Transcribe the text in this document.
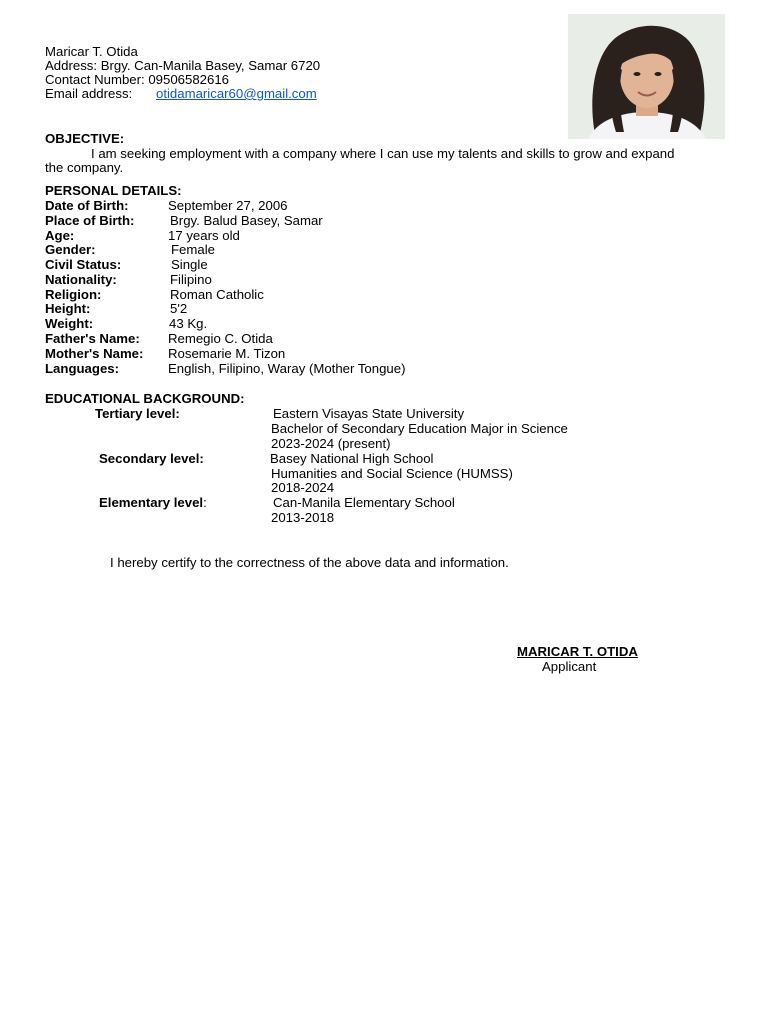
Maricar T. Otida
Address: Brgy. Can-Manila Basey, Samar 6720
Contact Number: 09506582616
Email address: otidamaricar60@gmail.com
OBJECTIVE:
I am seeking employment with a company where I can use my talents and skills to grow and expand
the company.
PERSONAL DETAILS:
Date of Birth:	September 27, 2006
Place of Birth:	Brgy. Balud Basey, Samar
Age:	17 years old
Gender:	Female
Civil Status:	Single
Nationality:	Filipino
Religion:	Roman Catholic
Height:	5'2
Weight:	43 Kg.
Father's Name: Remegio C. Otida
Mother's Name: Rosemarie M. Tizon
Languages:	English, Filipino, Waray (Mother Tongue)
EDUCATIONAL BACKGROUND:
Tertiary level:	Eastern Visayas State University
Bachelor of Secondary Education Major in Science
2023-2024 (present)
Secondary level:	Basey National High School
Humanities and Social Science (HUMSS)
2018-2024
Elementary level:	Can-Manila Elementary School
2013-2018
I hereby certify to the correctness of the above data and information.
MARICAR T. OTIDA
Applicant
